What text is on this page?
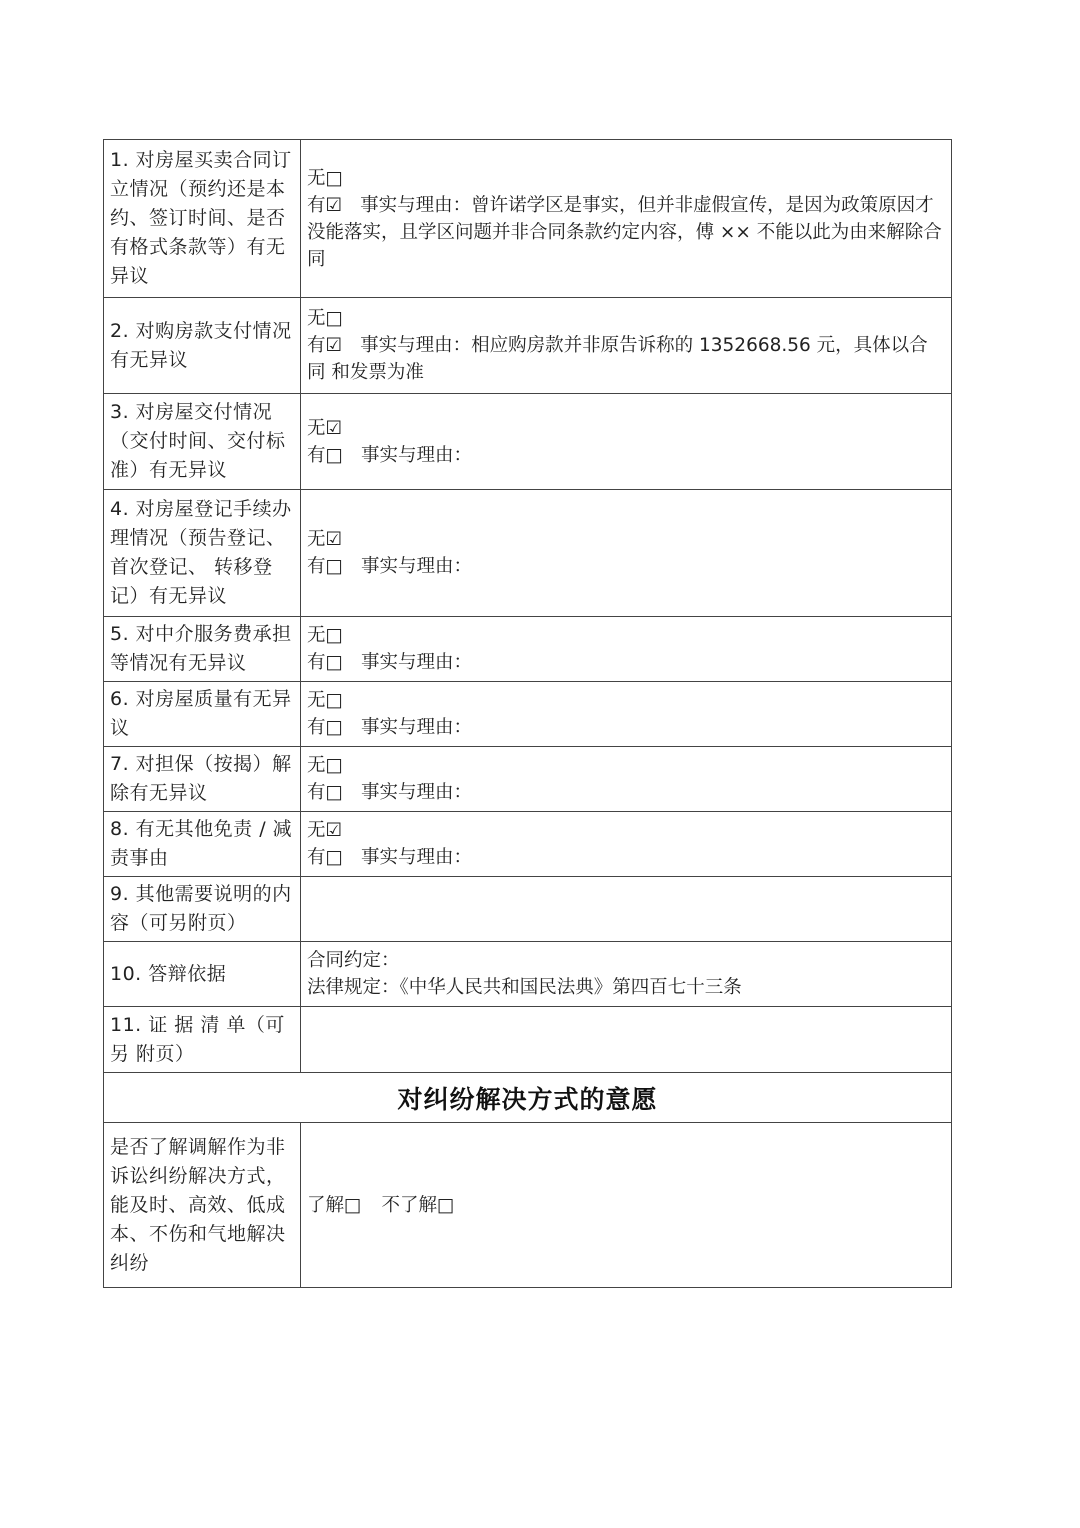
1. 对房屋买卖合同订 立情况（预约还是本 约、签订时间、是否 有格式条款等）有无 异议	无□
有☑ 事实与理由：曾许诺学区是事实，但并非虚假宣传，是因为政策原因才没能落实，且学区问题并非合同条款约定内容，傅 ×× 不能以此为由来解除合同

2. 对购房款支付情况 有无异议	无□
有☑ 事实与理由：相应购房款并非原告诉称的 1352668.56 元，具体以合同 和发票为准

3. 对房屋交付情况（交付时间、交付标 准）有无异议	无☑
有□ 事实与理由：

4. 对房屋登记手续办理情况（预告登记、首次登记、 转移登记）有无异议	无☑
有□ 事实与理由：

5. 对中介服务费承担 等情况有无异议	无□
有□ 事实与理由：

6. 对房屋质量有无异 议	无□
有□ 事实与理由：

7. 对担保（按揭）解 除有无异议	无□
有□ 事实与理由：

8. 有无其他免责 / 减 责事由	无☑
有□ 事实与理由：

9. 其他需要说明的内 容（可另附页）	
10. 答辩依据	合同约定：
法律规定：《中华人民共和国民法典》第四百七十三条

11. 证 据 清 单（可另 附页）	
对纠纷解决方式的意愿	
是否了解调解作为非诉讼纠纷解决方式，能及时、高效、低成本、不伤和气地解决纠纷	了解□ 不了解□
